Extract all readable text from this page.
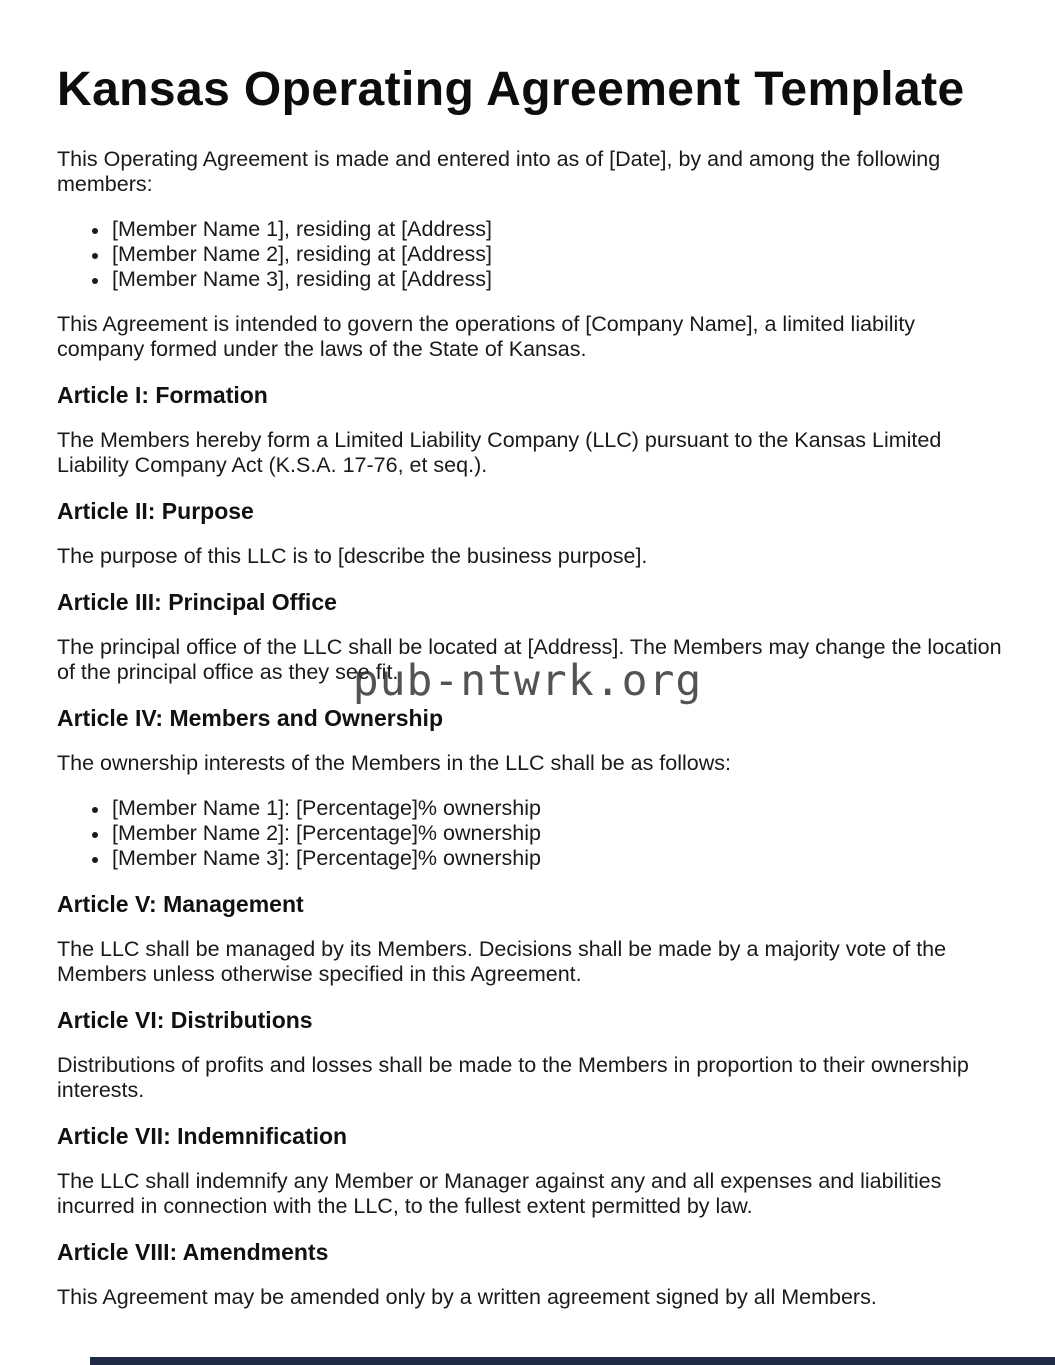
Kansas Operating Agreement Template

This Operating Agreement is made and entered into as of [Date], by and among the following members:

• [Member Name 1], residing at [Address]
• [Member Name 2], residing at [Address]
• [Member Name 3], residing at [Address]

This Agreement is intended to govern the operations of [Company Name], a limited liability company formed under the laws of the State of Kansas.

Article I: Formation

The Members hereby form a Limited Liability Company (LLC) pursuant to the Kansas Limited Liability Company Act (K.S.A. 17-76, et seq.).

Article II: Purpose

The purpose of this LLC is to [describe the business purpose].

Article III: Principal Office

The principal office of the LLC shall be located at [Address]. The Members may change the location of the principal office as they see fit.

Article IV: Members and Ownership

The ownership interests of the Members in the LLC shall be as follows:

• [Member Name 1]: [Percentage]% ownership
• [Member Name 2]: [Percentage]% ownership
• [Member Name 3]: [Percentage]% ownership
Article V: Management

The LLC shall be managed by its Members. Decisions shall be made by a majority vote of the Members unless otherwise specified in this Agreement.

Article VI: Distributions

Distributions of profits and losses shall be made to the Members in proportion to their ownership interests.

Article VII: Indemnification

The LLC shall indemnify any Member or Manager against any and all expenses and liabilities incurred in connection with the LLC, to the fullest extent permitted by law.

Article VIII: Amendments

This Agreement may be amended only by a written agreement signed by all Members.

pub-ntwrk.org
